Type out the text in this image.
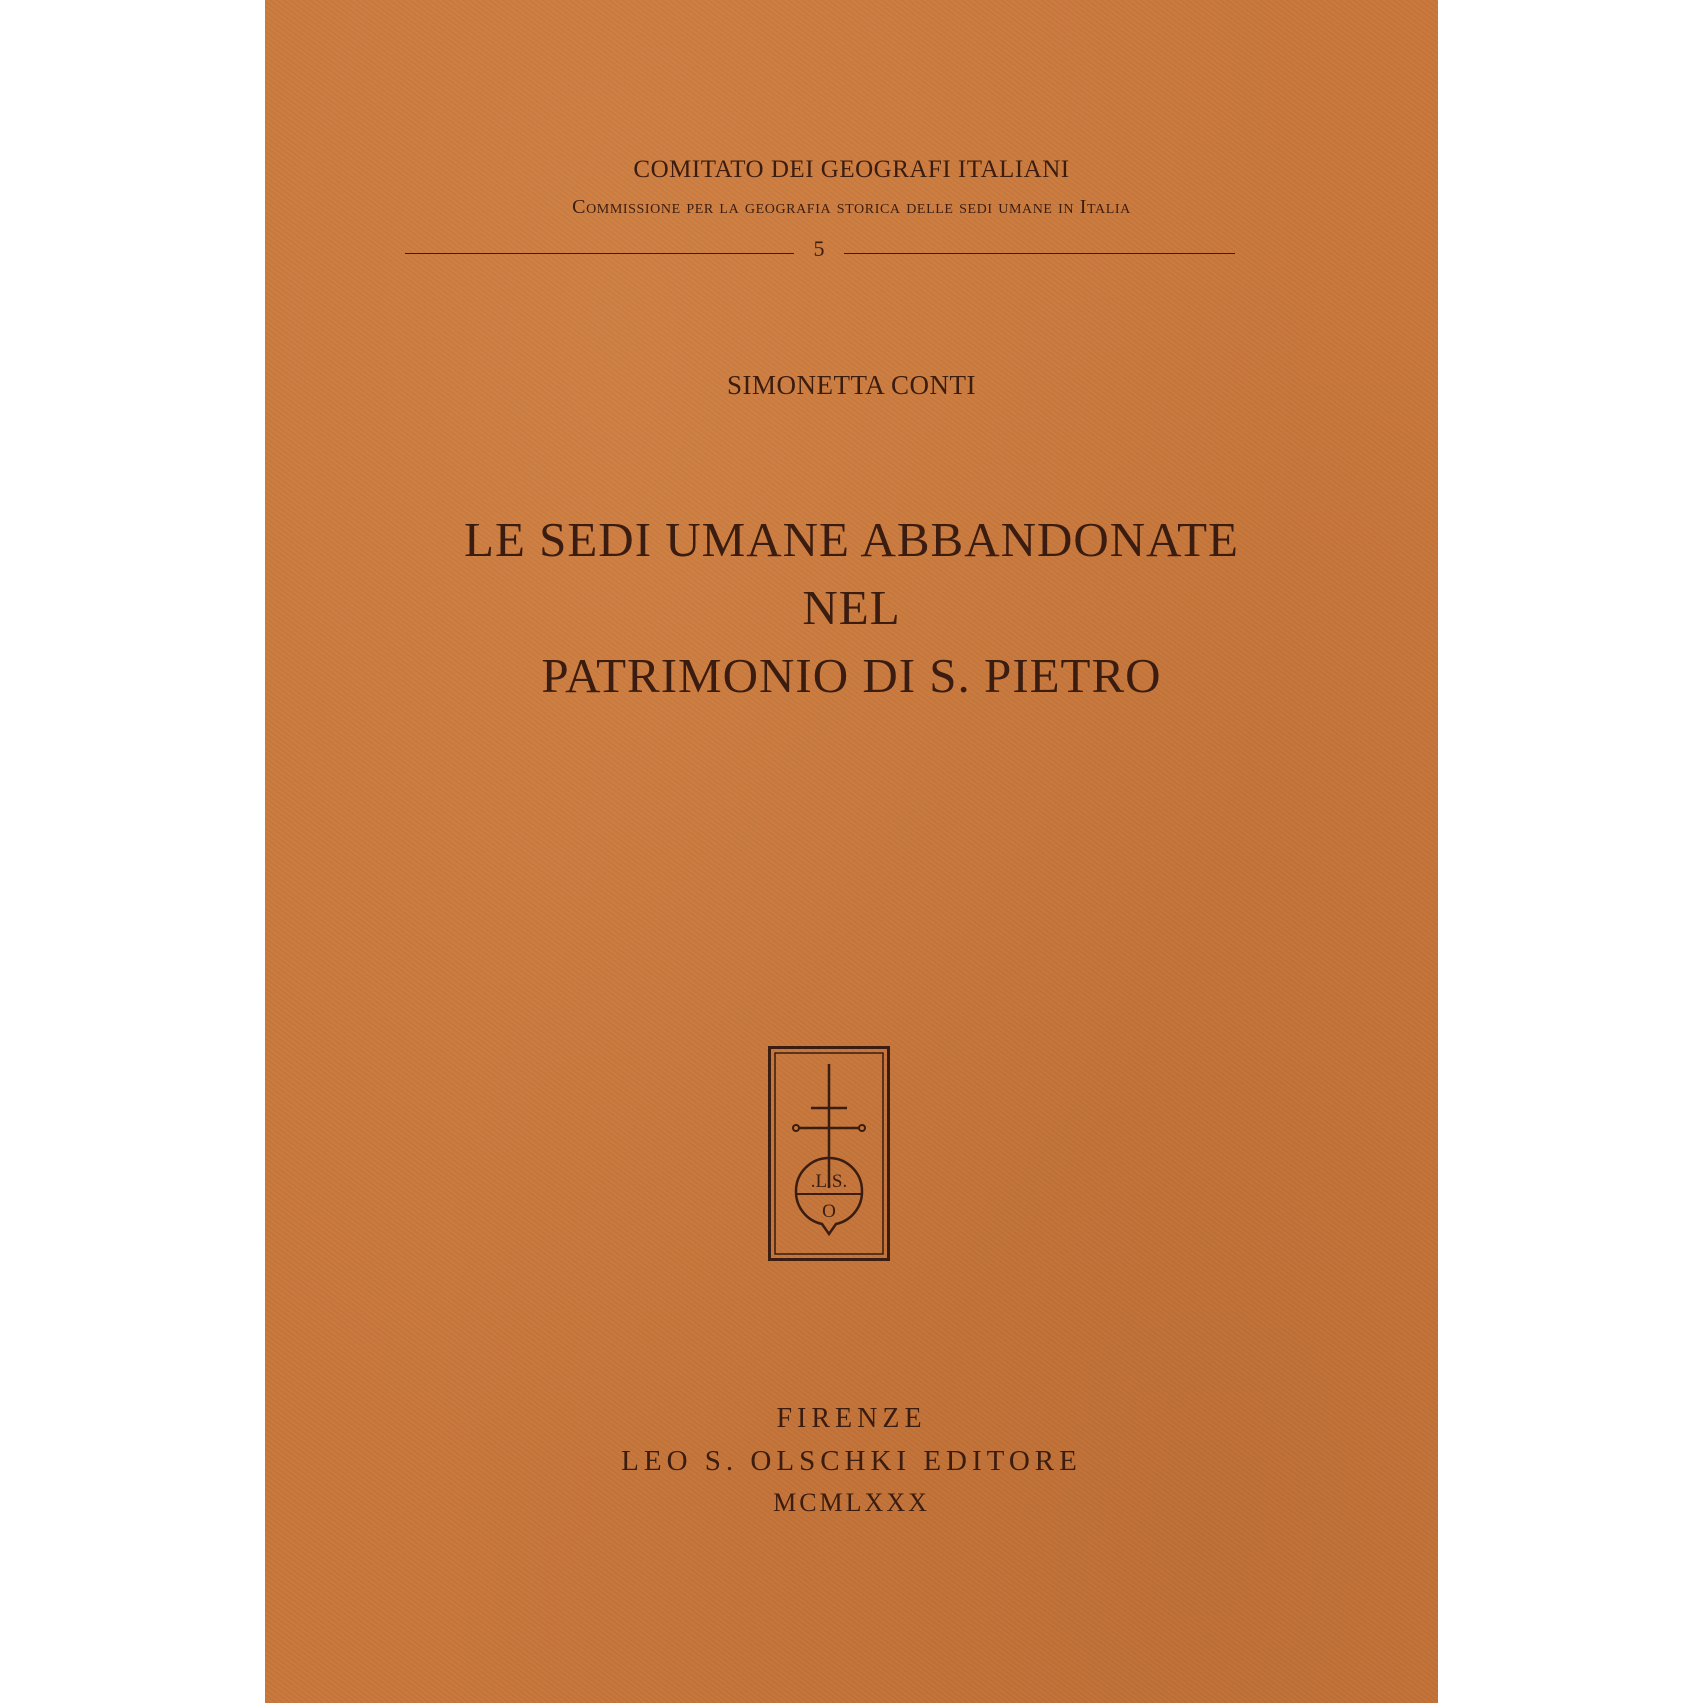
COMITATO DEI GEOGRAFI ITALIANI
Commissione per la geografia storica delle sedi umane in Italia
5
SIMONETTA CONTI
LE SEDI UMANE ABBANDONATE
NEL
PATRIMONIO DI S. PIETRO
.L.S.
O
FIRENZE
LEO S. OLSCHKI EDITORE
MCMLXXX
